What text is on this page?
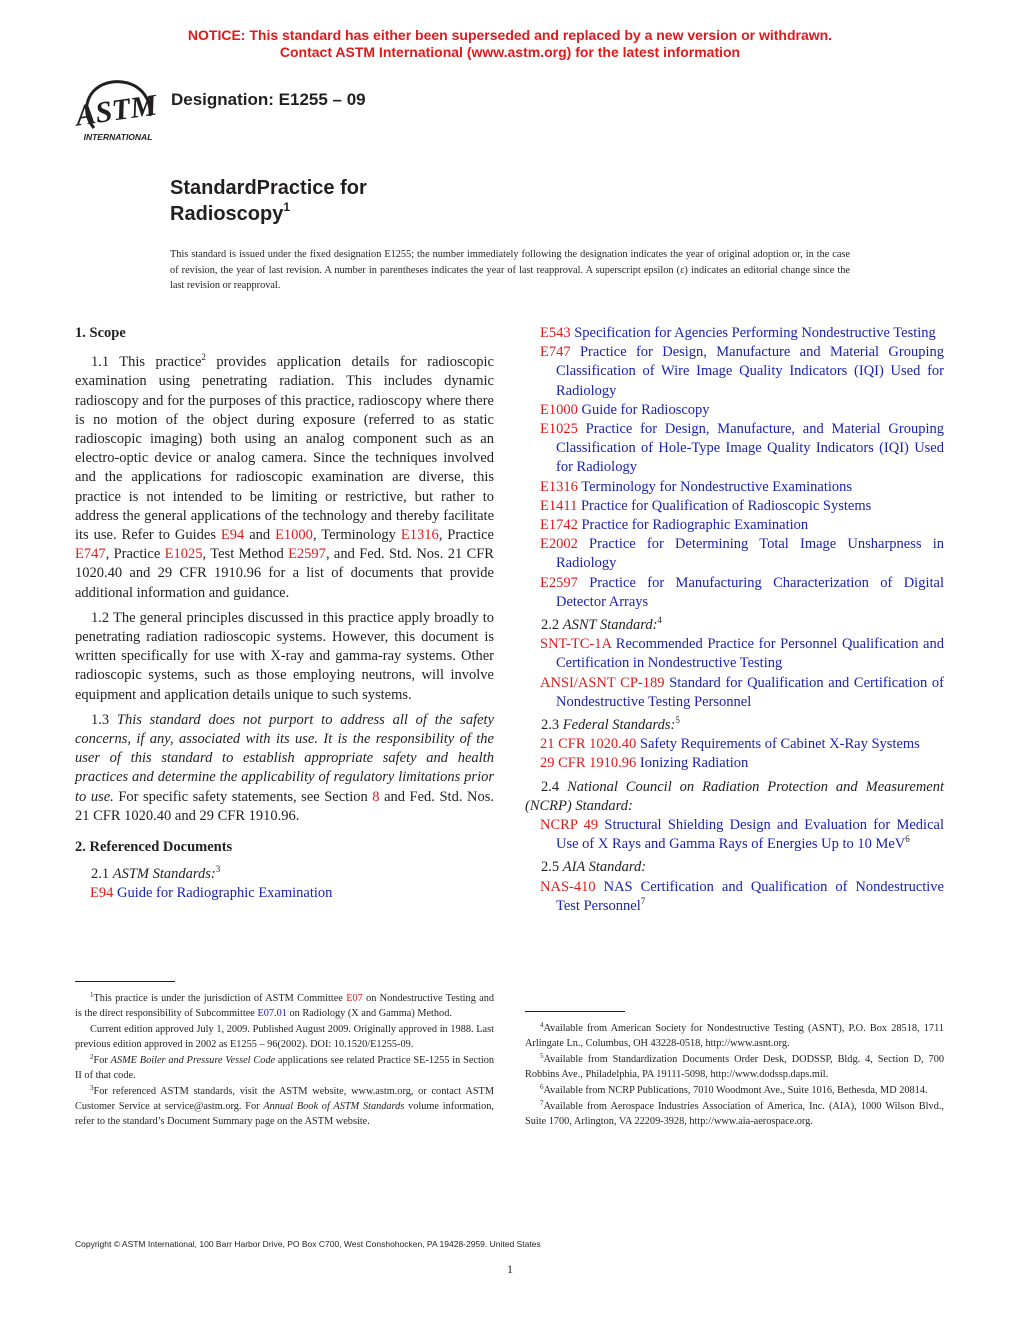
NOTICE: This standard has either been superseded and replaced by a new version or withdrawn.
Contact ASTM International (www.astm.org) for the latest information
ASTM
INTERNATIONAL
Designation: E1255 – 09
StandardPractice for
Radioscopy$^1$
This standard is issued under the fixed designation E1255; the number immediately following the designation indicates the year of original adoption or, in the case of revision, the year of last revision. A number in parentheses indicates the year of last reapproval. A superscript epsilon (ε) indicates an editorial change since the last revision or reapproval.
1. Scope

1.1 This practice$^2$ provides application details for radioscopic examination using penetrating radiation. This includes dynamic radioscopy and for the purposes of this practice, radioscopy where there is no motion of the object during exposure (referred to as static radioscopic imaging) both using an analog component such as an electro-optic device or analog camera. Since the techniques involved and the applications for radioscopic examination are diverse, this practice is not intended to be limiting or restrictive, but rather to address the general applications of the technology and thereby facilitate its use. Refer to Guides E94 and E1000, Terminology E1316, Practice E747, Practice E1025, Test Method E2597, and Fed. Std. Nos. 21 CFR 1020.40 and 29 CFR 1910.96 for a list of documents that provide additional information and guidance.

1.2 The general principles discussed in this practice apply broadly to penetrating radiation radioscopic systems. However, this document is written specifically for use with X-ray and gamma-ray systems. Other radioscopic systems, such as those employing neutrons, will involve equipment and application details unique to such systems.

1.3 This standard does not purport to address all of the safety concerns, if any, associated with its use. It is the responsibility of the user of this standard to establish appropriate safety and health practices and determine the applicability of regulatory limitations prior to use. For specific safety statements, see Section 8 and Fed. Std. Nos. 21 CFR 1020.40 and 29 CFR 1910.96.

2. Referenced Documents
2.1 ASTM Standards:$^3$
E94 Guide for Radiographic Examination
E543 Specification for Agencies Performing Nondestructive Testing
E747 Practice for Design, Manufacture and Material Grouping Classification of Wire Image Quality Indicators (IQI) Used for Radiology
E1000 Guide for Radioscopy
E1025 Practice for Design, Manufacture, and Material Grouping Classification of Hole-Type Image Quality Indicators (IQI) Used for Radiology
E1316 Terminology for Nondestructive Examinations
E1411 Practice for Qualification of Radioscopic Systems
E1742 Practice for Radiographic Examination
E2002 Practice for Determining Total Image Unsharpness in Radiology
E2597 Practice for Manufacturing Characterization of Digital Detector Arrays
2.2 ASNT Standard:$^4$
SNT-TC-1A Recommended Practice for Personnel Qualification and Certification in Nondestructive Testing
ANSI/ASNT CP-189 Standard for Qualification and Certification of Nondestructive Testing Personnel
2.3 Federal Standards:$^5$
21 CFR 1020.40 Safety Requirements of Cabinet X-Ray Systems
29 CFR 1910.96 Ionizing Radiation
2.4 National Council on Radiation Protection and Measurement (NCRP) Standard:
NCRP 49 Structural Shielding Design and Evaluation for Medical Use of X Rays and Gamma Rays of Energies Up to 10 MeV$^6$
2.5 AIA Standard:
NAS-410 NAS Certification and Qualification of Nondestructive Test Personnel$^7$

$^1$This practice is under the jurisdiction of ASTM Committee E07 on Nondestructive Testing and is the direct responsibility of Subcommittee E07.01 on Radiology (X and Gamma) Method.

Current edition approved July 1, 2009. Published August 2009. Originally approved in 1988. Last previous edition approved in 2002 as E1255 – 96(2002). DOI: 10.1520/E1255-09.

$^2$For ASME Boiler and Pressure Vessel Code applications see related Practice SE-1255 in Section II of that code.

$^3$For referenced ASTM standards, visit the ASTM website, www.astm.org, or contact ASTM Customer Service at service@astm.org. For Annual Book of ASTM Standards volume information, refer to the standard’s Document Summary page on the ASTM website.

$^4$Available from American Society for Nondestructive Testing (ASNT), P.O. Box 28518, 1711 Arlingate Ln., Columbus, OH 43228-0518, http://www.asnt.org.

$^5$Available from Standardization Documents Order Desk, DODSSP, Bldg. 4, Section D, 700 Robbins Ave., Philadelphia, PA 19111-5098, http://www.dodssp.daps.mil.

$^6$Available from NCRP Publications, 7010 Woodmont Ave., Suite 1016, Bethesda, MD 20814.

$^7$Available from Aerospace Industries Association of America, Inc. (AIA), 1000 Wilson Blvd., Suite 1700, Arlington, VA 22209-3928, http://www.aia-aerospace.org.

Copyright © ASTM International, 100 Barr Harbor Drive, PO Box C700, West Conshohocken, PA 19428-2959. United States
1
